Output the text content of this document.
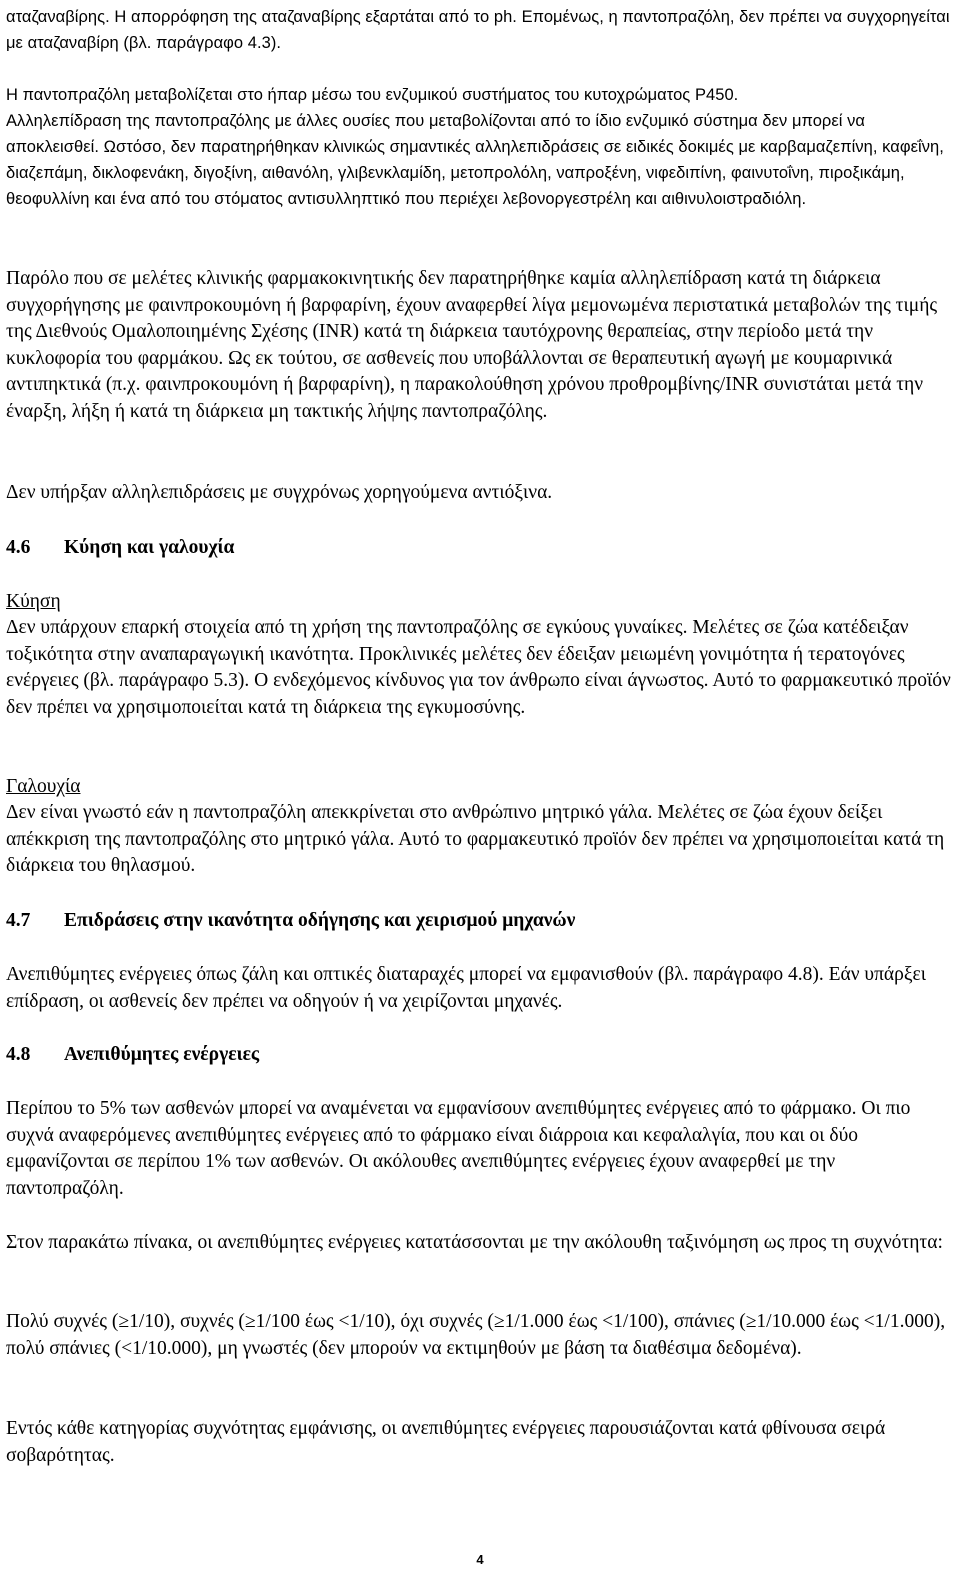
αταζαναβίρης. Η απορρόφηση της αταζαναβίρης εξαρτάται από το ph. Επομένως, η παντοπραζόλη, δεν πρέπει να συγχορηγείται με αταζαναβίρη (βλ. παράγραφο 4.3).

Η παντοπραζόλη μεταβολίζεται στο ήπαρ μέσω του ενζυμικού συστήματος του κυτοχρώματος P450.

Αλληλεπίδραση της παντοπραζόλης με άλλες ουσίες που μεταβολίζονται από το ίδιο ενζυμικό σύστημα δεν μπορεί να αποκλεισθεί. Ωστόσο, δεν παρατηρήθηκαν κλινικώς σημαντικές αλληλεπιδράσεις σε ειδικές δοκιμές με καρβαμαζεπίνη, καφεΐνη, διαζεπάμη, δικλοφενάκη, διγοξίνη, αιθανόλη, γλιβενκλαμίδη, μετοπρολόλη, ναπροξένη, νιφεδιπίνη, φαινυτοΐνη, πιροξικάμη, θεοφυλλίνη και ένα από του στόματος αντισυλληπτικό που περιέχει λεβονοργεστρέλη και αιθινυλοιστραδιόλη.

Παρόλο που σε μελέτες κλινικής φαρμακοκινητικής δεν παρατηρήθηκε καμία αλληλεπίδραση κατά τη διάρκεια συγχορήγησης με φαινπροκουμόνη ή βαρφαρίνη, έχουν αναφερθεί λίγα μεμονωμένα περιστατικά μεταβολών της τιμής της Διεθνούς Ομαλοποιημένης Σχέσης (INR) κατά τη διάρκεια ταυτόχρονης θεραπείας, στην περίοδο μετά την κυκλοφορία του φαρμάκου. Ως εκ τούτου, σε ασθενείς που υποβάλλονται σε θεραπευτική αγωγή με κουμαρινικά αντιπηκτικά (π.χ. φαινπροκουμόνη ή βαρφαρίνη), η παρακολούθηση χρόνου προθρομβίνης/INR συνιστάται μετά την έναρξη, λήξη ή κατά τη διάρκεια μη τακτικής λήψης παντοπραζόλης.

Δεν υπήρξαν αλληλεπιδράσεις με συγχρόνως χορηγούμενα αντιόξινα.

4.6 Κύηση και γαλουχία
Κύηση

Δεν υπάρχουν επαρκή στοιχεία από τη χρήση της παντοπραζόλης σε εγκύους γυναίκες. Μελέτες σε ζώα κατέδειξαν τοξικότητα στην αναπαραγωγική ικανότητα. Προκλινικές μελέτες δεν έδειξαν μειωμένη γονιμότητα ή τερατογόνες ενέργειες (βλ. παράγραφο 5.3). Ο ενδεχόμενος κίνδυνος για τον άνθρωπο είναι άγνωστος. Αυτό το φαρμακευτικό προϊόν δεν πρέπει να χρησιμοποιείται κατά τη διάρκεια της εγκυμοσύνης.

Γαλουχία

Δεν είναι γνωστό εάν η παντοπραζόλη απεκκρίνεται στο ανθρώπινο μητρικό γάλα. Μελέτες σε ζώα έχουν δείξει απέκκριση της παντοπραζόλης στο μητρικό γάλα. Αυτό το φαρμακευτικό προϊόν δεν πρέπει να χρησιμοποιείται κατά τη διάρκεια του θηλασμού.

4.7 Επιδράσεις στην ικανότητα οδήγησης και χειρισμού μηχανών

Ανεπιθύμητες ενέργειες όπως ζάλη και οπτικές διαταραχές μπορεί να εμφανισθούν (βλ. παράγραφο 4.8). Εάν υπάρξει επίδραση, οι ασθενείς δεν πρέπει να οδηγούν ή να χειρίζονται μηχανές.

4.8 Ανεπιθύμητες ενέργειες

Περίπου το 5% των ασθενών μπορεί να αναμένεται να εμφανίσουν ανεπιθύμητες ενέργειες από το φάρμακο. Οι πιο συχνά αναφερόμενες ανεπιθύμητες ενέργειες από το φάρμακο είναι διάρροια και κεφαλαλγία, που και οι δύο εμφανίζονται σε περίπου 1% των ασθενών. Οι ακόλουθες ανεπιθύμητες ενέργειες έχουν αναφερθεί με την παντοπραζόλη.

Στον παρακάτω πίνακα, οι ανεπιθύμητες ενέργειες κατατάσσονται με την ακόλουθη ταξινόμηση ως προς τη συχνότητα:

Πολύ συχνές (≥1/10), συχνές (≥1/100 έως <1/10), όχι συχνές (≥1/1.000 έως <1/100), σπάνιες (≥1/10.000 έως <1/1.000), πολύ σπάνιες (<1/10.000), μη γνωστές (δεν μπορούν να εκτιμηθούν με βάση τα διαθέσιμα δεδομένα).

Εντός κάθε κατηγορίας συχνότητας εμφάνισης, οι ανεπιθύμητες ενέργειες παρουσιάζονται κατά φθίνουσα σειρά σοβαρότητας.

4
